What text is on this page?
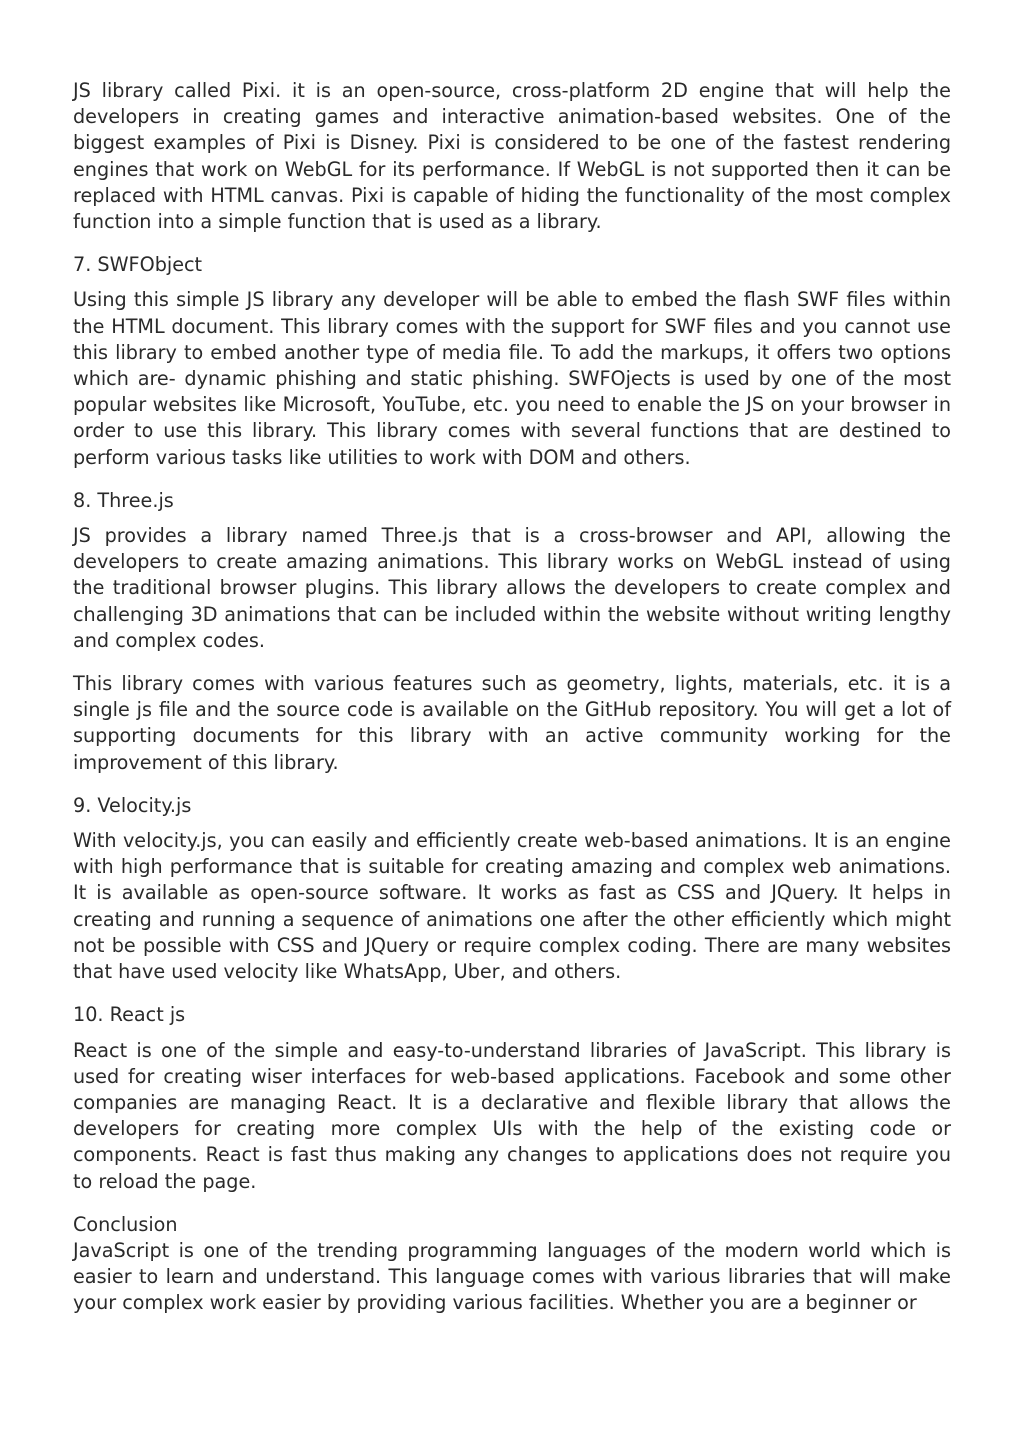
JS library called Pixi. it is an open-source, cross-platform 2D engine that will help the developers in creating games and interactive animation-based websites. One of the biggest examples of Pixi is Disney. Pixi is considered to be one of the fastest rendering engines that work on WebGL for its performance. If WebGL is not supported then it can be replaced with HTML canvas. Pixi is capable of hiding the functionality of the most complex function into a simple function that is used as a library.

7. SWFObject

Using this simple JS library any developer will be able to embed the flash SWF files within the HTML document. This library comes with the support for SWF files and you cannot use this library to embed another type of media file. To add the markups, it offers two options which are- dynamic phishing and static phishing. SWFOjects is used by one of the most popular websites like Microsoft, YouTube, etc. you need to enable the JS on your browser in order to use this library. This library comes with several functions that are destined to perform various tasks like utilities to work with DOM and others.

8. Three.js

JS provides a library named Three.js that is a cross-browser and API, allowing the developers to create amazing animations. This library works on WebGL instead of using the traditional browser plugins. This library allows the developers to create complex and challenging 3D animations that can be included within the website without writing lengthy and complex codes.

This library comes with various features such as geometry, lights, materials, etc. it is a single js file and the source code is available on the GitHub repository. You will get a lot of supporting documents for this library with an active community working for the improvement of this library.

9. Velocity.js

With velocity.js, you can easily and efficiently create web-based animations. It is an engine with high performance that is suitable for creating amazing and complex web animations. It is available as open-source software. It works as fast as CSS and JQuery. It helps in creating and running a sequence of animations one after the other efficiently which might not be possible with CSS and JQuery or require complex coding. There are many websites that have used velocity like WhatsApp, Uber, and others.

10. React js

React is one of the simple and easy-to-understand libraries of JavaScript. This library is used for creating wiser interfaces for web-based applications. Facebook and some other companies are managing React. It is a declarative and flexible library that allows the developers for creating more complex UIs with the help of the existing code or components. React is fast thus making any changes to applications does not require you to reload the page.

Conclusion

JavaScript is one of the trending programming languages of the modern world which is easier to learn and understand. This language comes with various libraries that will make your complex work easier by providing various facilities. Whether you are a beginner or
